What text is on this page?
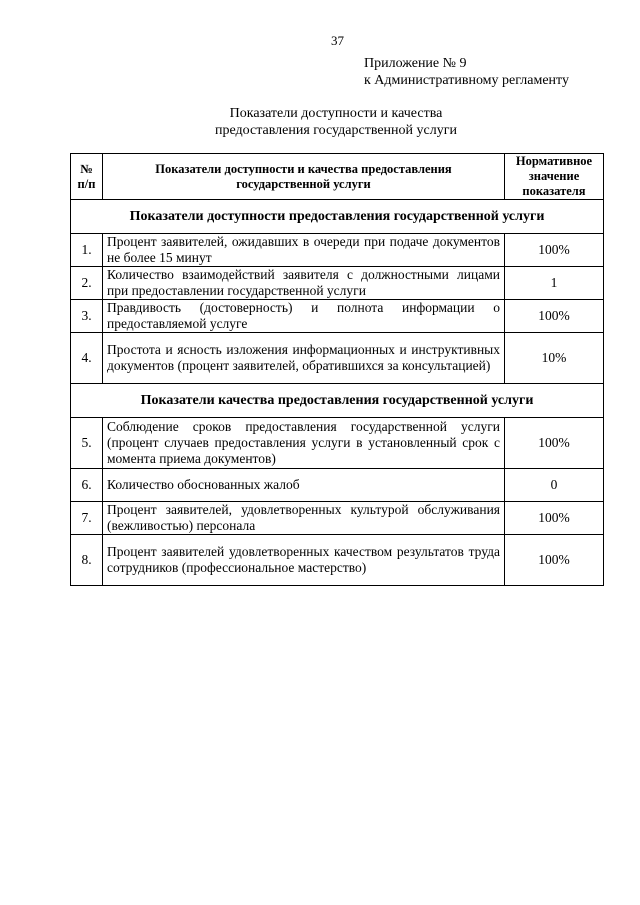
37
Приложение № 9
к Административному регламенту
Показатели доступности и качества
предоставления государственной услуги
№ п/п	Показатели доступности и качества предоставления государственной услуги	Нормативное значение показателя
Показатели доступности предоставления государственной услуги		
1.	Процент заявителей, ожидавших в очереди при подаче документов не более 15 минут	100%
2.	Количество взаимодействий заявителя с должностными лицами при предоставлении государственной услуги	1
3.	Правдивость (достоверность) и полнота информации о предоставляемой услуге	100%
4.	Простота и ясность изложения информационных и инструктивных документов (процент заявителей, обратившихся за консультацией)	10%
Показатели качества предоставления государственной услуги		
5.	Соблюдение сроков предоставления государственной услуги (процент случаев предоставления услуги в установленный срок с момента приема документов)	100%
6.	Количество обоснованных жалоб	0
7.	Процент заявителей, удовлетворенных культурой обслуживания (вежливостью) персонала	100%
8.	Процент заявителей удовлетворенных качеством результатов труда сотрудников (профессиональное мастерство)	100%
